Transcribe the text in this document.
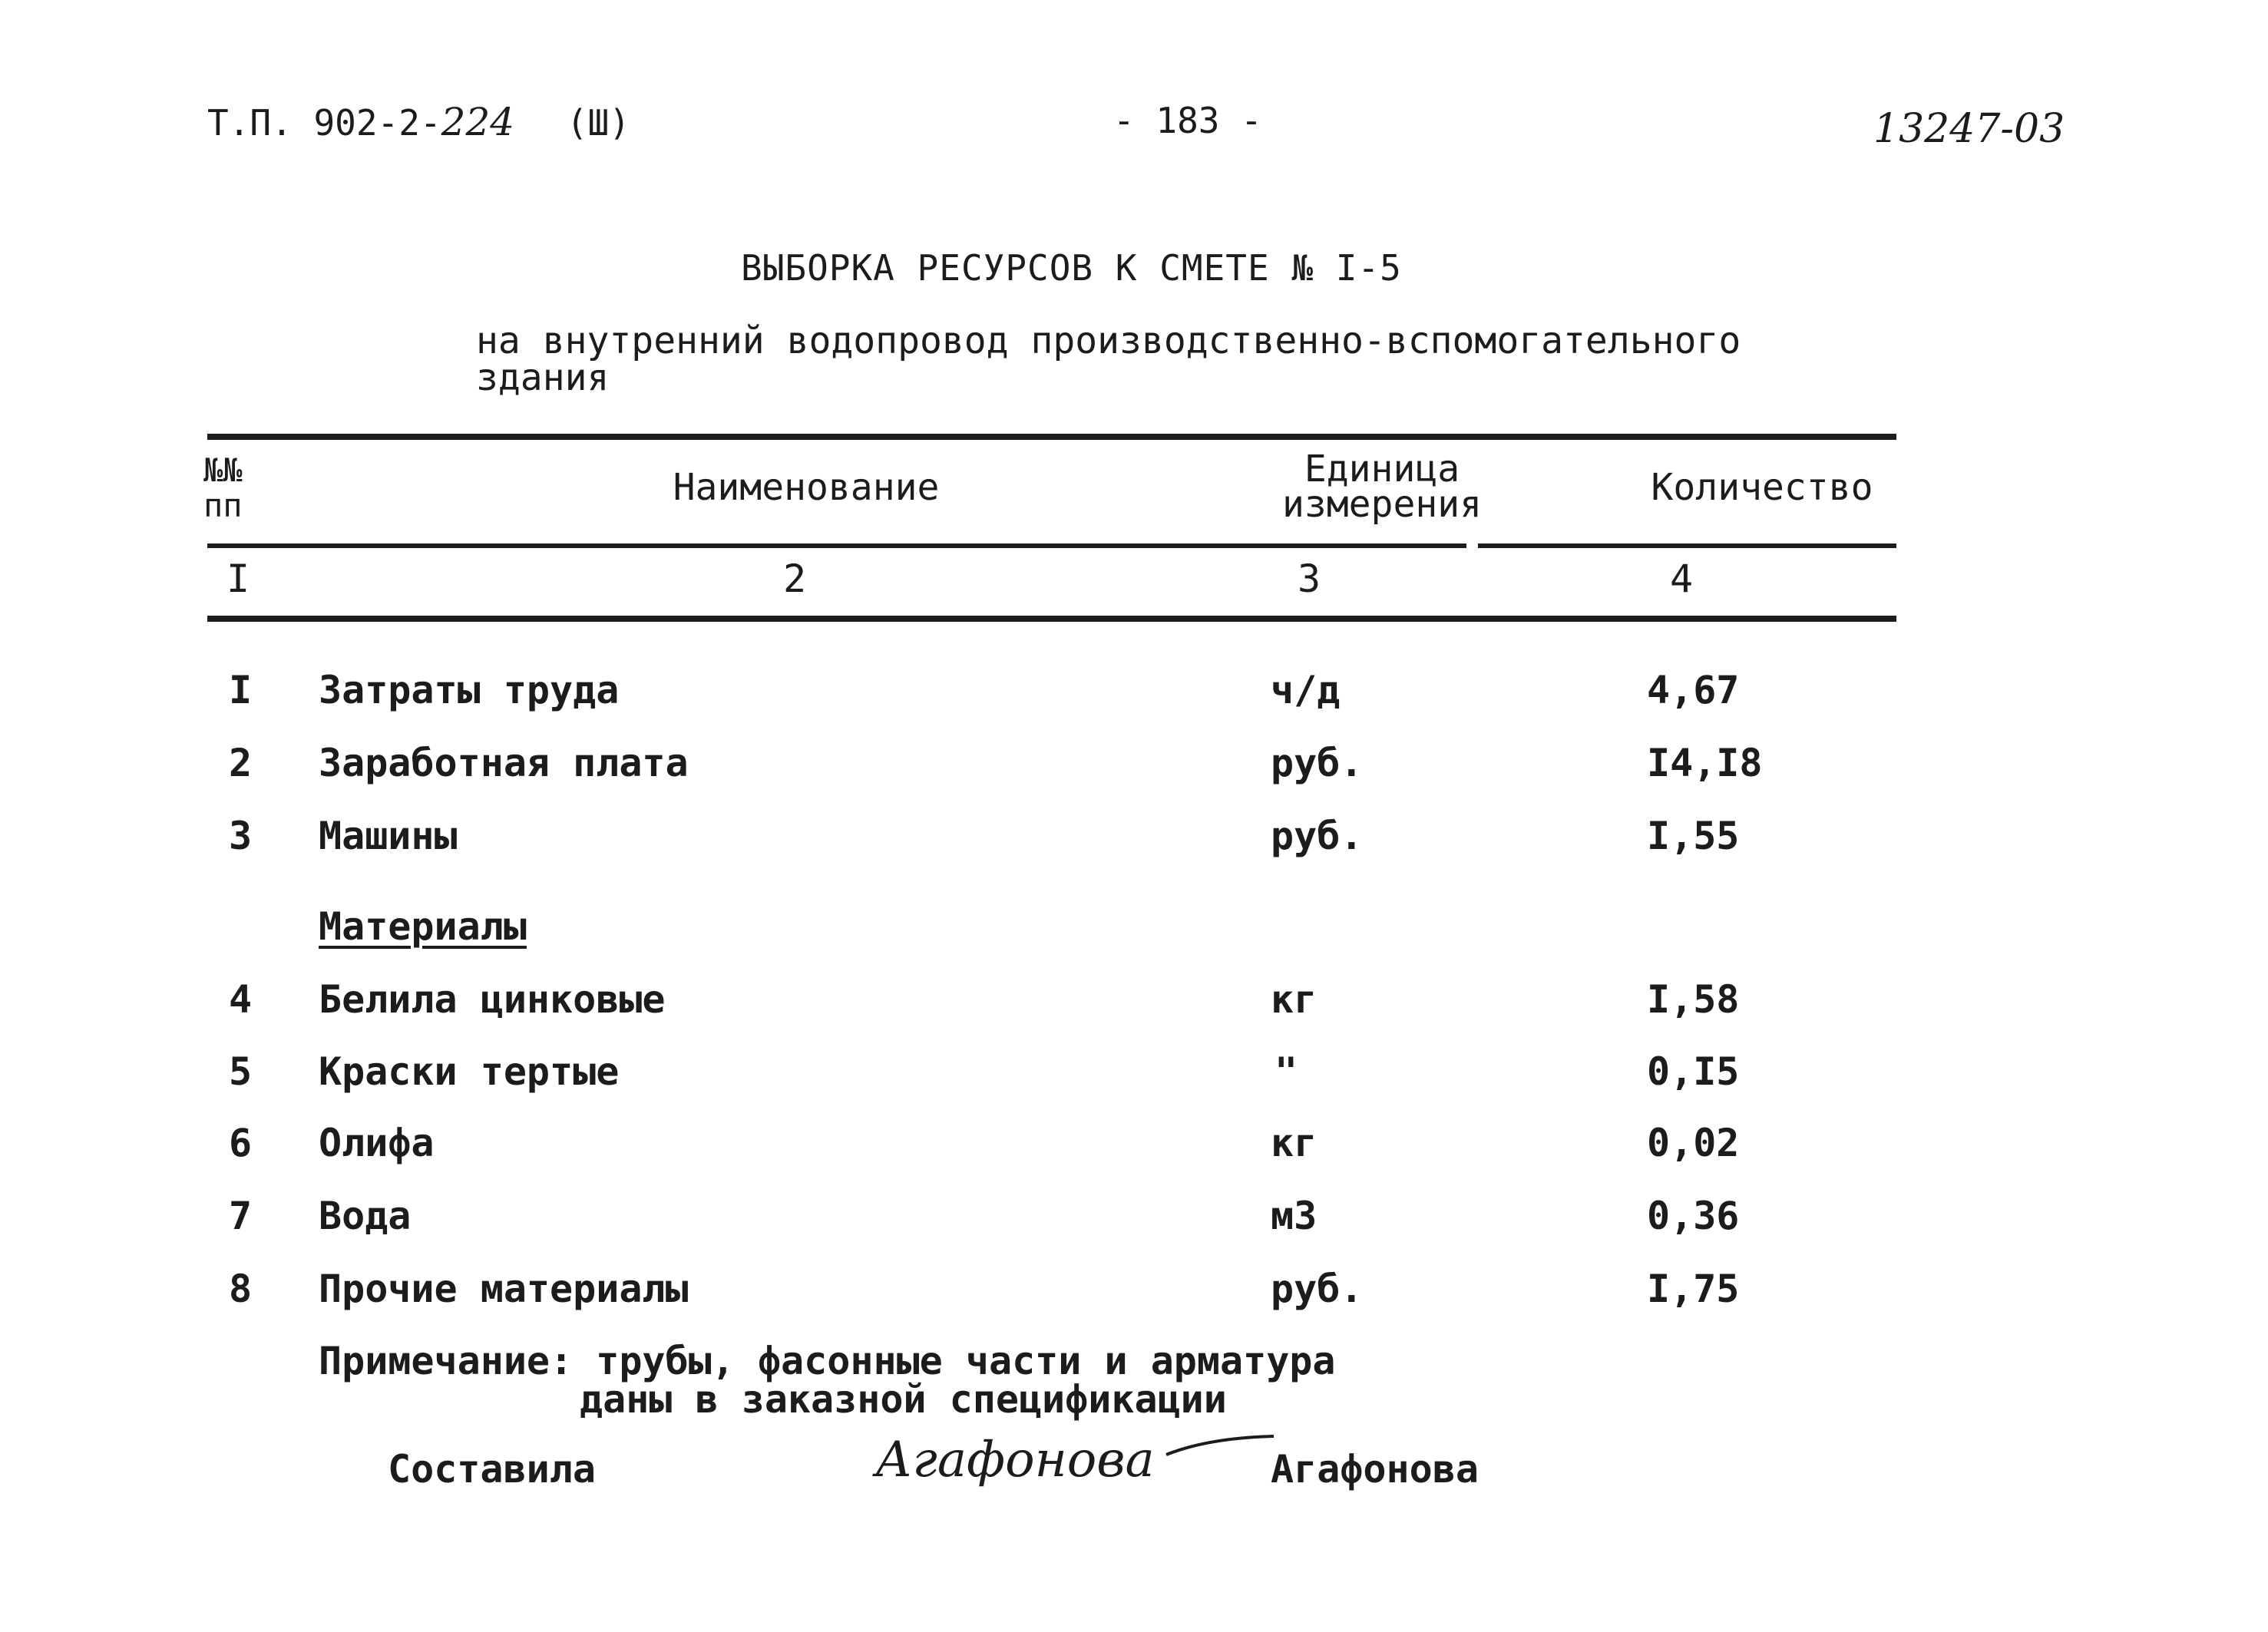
Т.П. 902-2-224 (Ш)	- 183 -	13247-03
ВЫБОРКА РЕСУРСОВ К СМЕТЕ № I-5
на внутренний водопровод производственно-вспомогательного здания
№№ пп	Наименование	Единица измерения	Количество
I	2	3	4
I Затраты труда	ч/д	4,67
2 Заработная плата	руб.	I4,I8
3 Машины	руб.	I,55
Материалы
4 Белила цинковые	кг	I,58
5 Краски тертые	"	0,I5
6 Олифа	кг	0,02
7 Вода	м3	0,36
8 Прочие материалы	руб.	I,75
Примечание: трубы, фасонные части и арматура
даны в заказной спецификации
Составила	Агафонова	Агафонова
